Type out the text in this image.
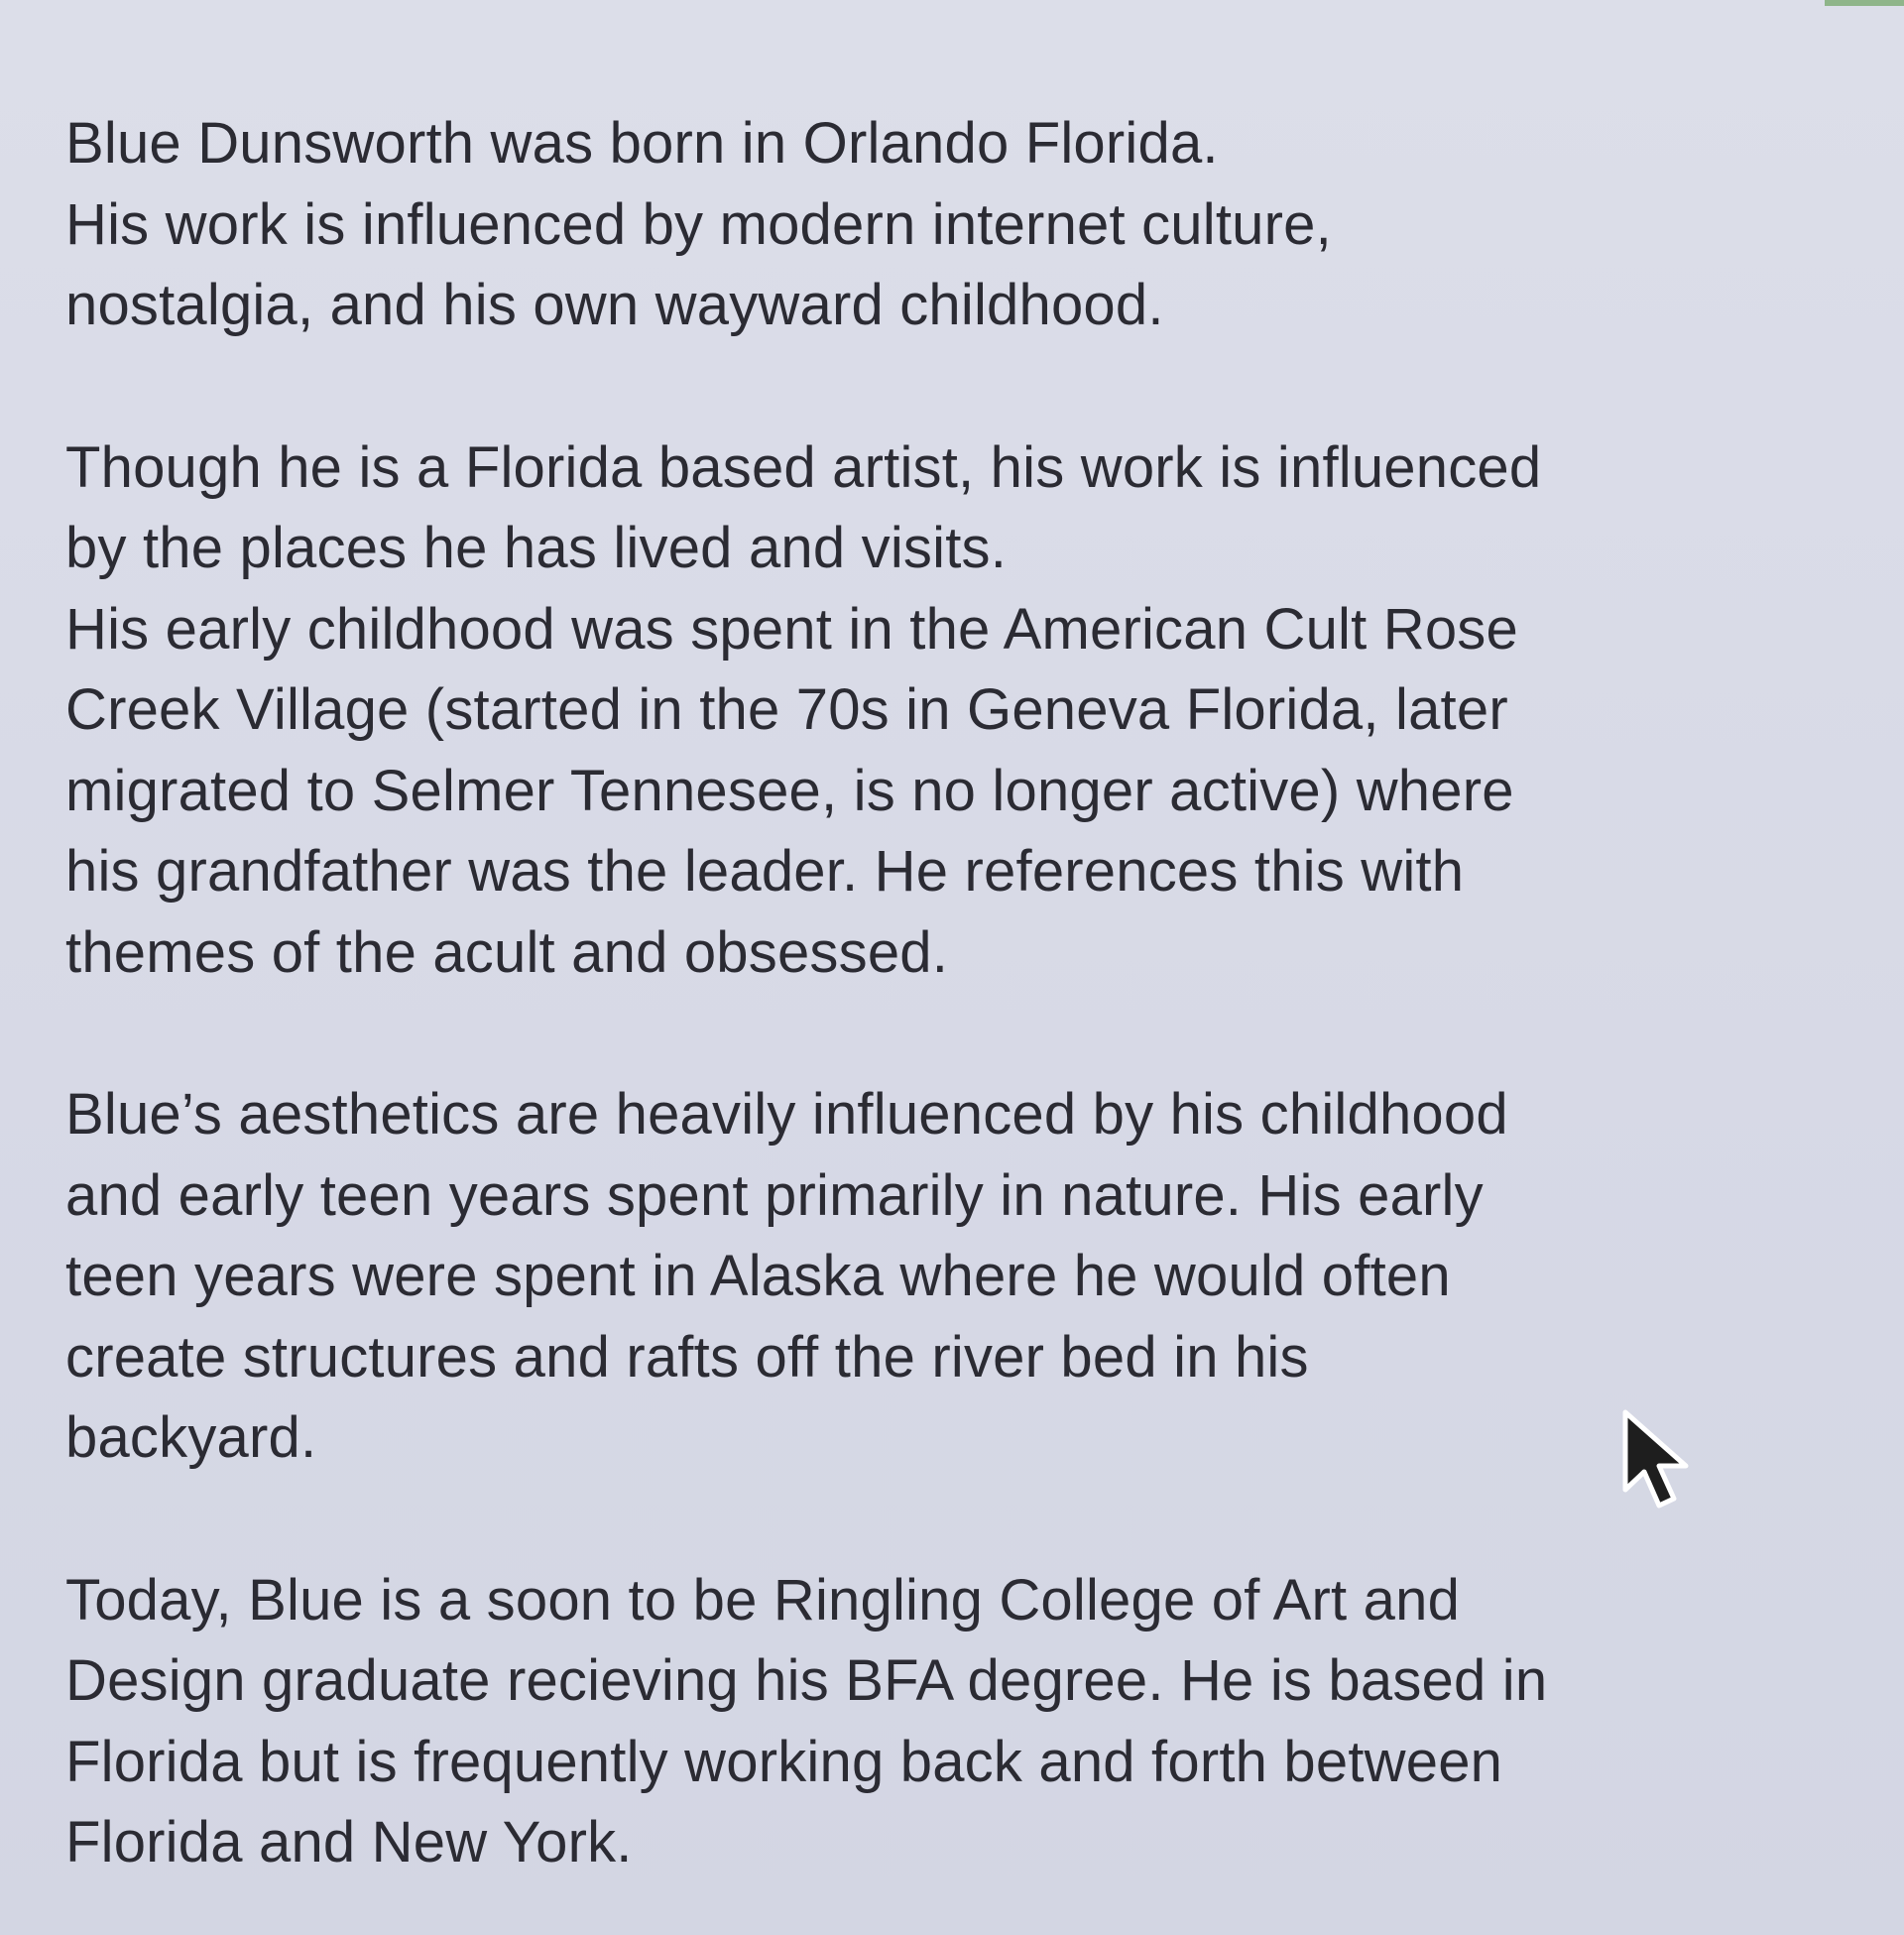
Blue Dunsworth was born in Orlando Florida.
His work is influenced by modern internet culture,
nostalgia, and his own wayward childhood.

Though he is a Florida based artist, his work is influenced
by the places he has lived and visits.
His early childhood was spent in the American Cult Rose
Creek Village (started in the 70s in Geneva Florida, later
migrated to Selmer Tennesee, is no longer active) where
his grandfather was the leader. He references this with
themes of the acult and obsessed.

Blue’s aesthetics are heavily influenced by his childhood
and early teen years spent primarily in nature. His early
teen years were spent in Alaska where he would often
create structures and rafts off the river bed in his
backyard.

Today, Blue is a soon to be Ringling College of Art and
Design graduate recieving his BFA degree. He is based in
Florida but is frequently working back and forth between
Florida and New York.
